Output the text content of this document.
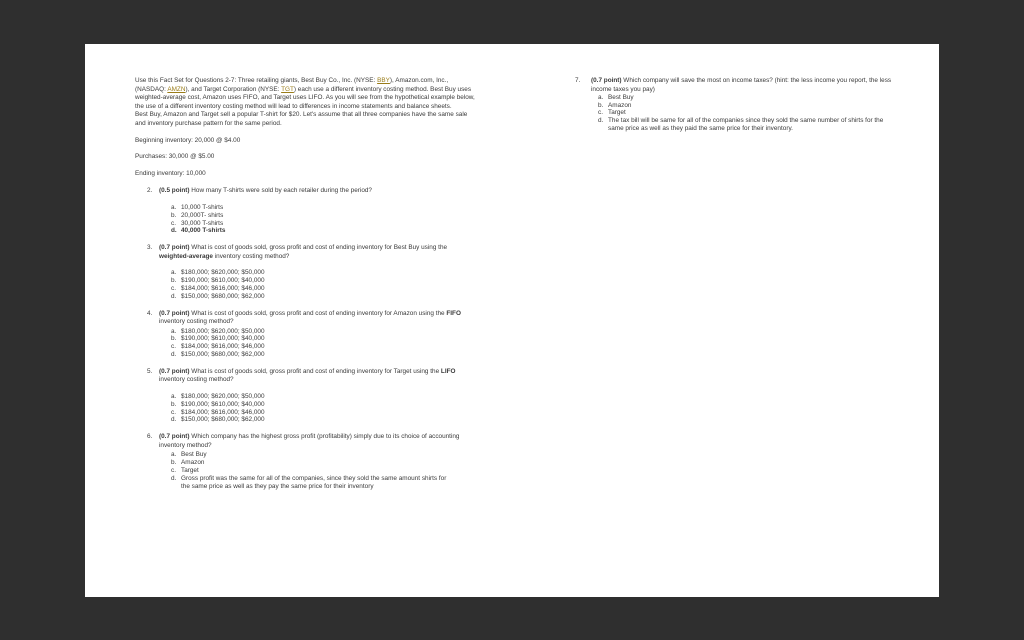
Use this Fact Set for Questions 2-7: Three retailing giants, Best Buy Co., Inc. (NYSE: BBY), Amazon.com, Inc., (NASDAQ: AMZN), and Target Corporation (NYSE: TGT) each use a different inventory costing method. Best Buy uses weighted-average cost, Amazon uses FIFO, and Target uses LIFO. As you will see from the hypothetical example below, the use of a different inventory costing method will lead to differences in income statements and balance sheets.

Best Buy, Amazon and Target sell a popular T-shirt for $20. Let's assume that all three companies have the same sale and inventory purchase pattern for the same period.

Beginning inventory: 20,000 @ $4.00

Purchases: 30,000 @ $5.00

Ending inventory: 10,000

2.	(0.5 point) How many T-shirts were sold by each retailer during the period?
a. 10,000 T-shirts
b. 20,000T- shirts
c. 30,000 T-shirts
d. 40,000 T-shirts
3.	(0.7 point) What is cost of goods sold, gross profit and cost of ending inventory for Best Buy using the weighted-average inventory costing method?
a. $180,000; $620,000; $50,000
b. $190,000; $610,000; $40,000
c. $184,000; $616,000; $46,000
d. $150,000; $680,000; $62,000
4.	(0.7 point) What is cost of goods sold, gross profit and cost of ending inventory for Amazon using the FIFO inventory costing method?
a. $180,000; $620,000; $50,000
b. $190,000; $610,000; $40,000
c. $184,000; $616,000; $46,000
d. $150,000; $680,000; $62,000
5.	(0.7 point) What is cost of goods sold, gross profit and cost of ending inventory for Target using the LIFO inventory costing method?
a. $180,000; $620,000; $50,000
b. $190,000; $610,000; $40,000
c. $184,000; $616,000; $46,000
d. $150,000; $680,000; $62,000
6.	(0.7 point) Which company has the highest gross profit (profitability) simply due to its choice of accounting inventory method?
a. Best Buy
b. Amazon
c. Target
d. Gross profit was the same for all of the companies, since they sold the same amount shirts for the same price as well as they pay the same price for their inventory
7.	(0.7 point) Which company will save the most on income taxes? (hint: the less income you report, the less income taxes you pay)
a. Best Buy
b. Amazon
c. Target
d. The tax bill will be same for all of the companies since they sold the same number of shirts for the same price as well as they paid the same price for their inventory.
